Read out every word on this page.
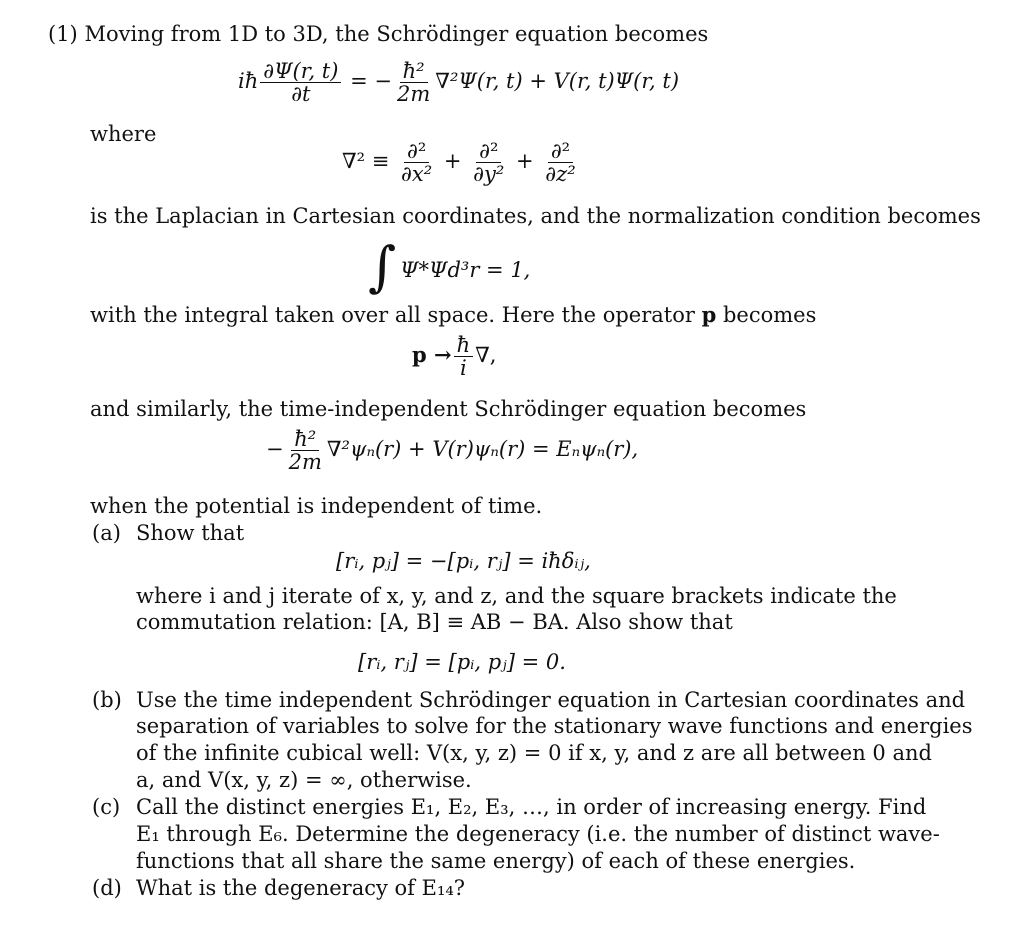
(1) Moving from 1D to 3D, the Schrödinger equation becomes
iħ $\frac{\partial\Psi(r, t)}{\partial t}$ = − $\frac{\text{ħ²}}{2m} \nabla^2\Psi(r$, t) + V(r, t)Ψ(r, t)
where
$\nabla^2 \equiv \frac{\text{∂²}}{\text{∂x²}} + \frac{\text{∂²}}{\text{∂y²}} + \frac{\text{∂²}}{\text{∂z²}}$
is the Laplacian in Cartesian coordinates, and the normalization condition becomes
∫ Ψ*Ψd³r = 1,
with the integral taken over all space. Here the operator p becomes
$p \to \frac{ħ}{i}$ ∇,
and similarly, the time-independent Schrödinger equation becomes
− $\frac{\text{ħ²}}{2m} \nabla^2\psi_n(r) + V(r)\psi_n(r) = E_n\psi_n(r)$,
when the potential is independent of time.
(a) Show that
[rᵢ, pⱼ] = −[pᵢ, rⱼ] = iħδᵢⱼ,
where i and j iterate of x, y, and z, and the square brackets indicate the
commutation relation: [A, B] ≡ AB − BA. Also show that
[rᵢ, rⱼ] = [pᵢ, pⱼ] = 0.
(b) Use the time independent Schrödinger equation in Cartesian coordinates and
separation of variables to solve for the stationary wave functions and energies
of the infinite cubical well: V(x, y, z) = 0 if x, y, and z are all between 0 and
a, and V(x, y, z) = ∞, otherwise.
(c) Call the distinct energies E₁, E₂, E₃, …, in order of increasing energy. Find
E₁ through E₆. Determine the degeneracy (i.e. the number of distinct wave-
functions that all share the same energy) of each of these energies.
(d) What is the degeneracy of E₁₄?
